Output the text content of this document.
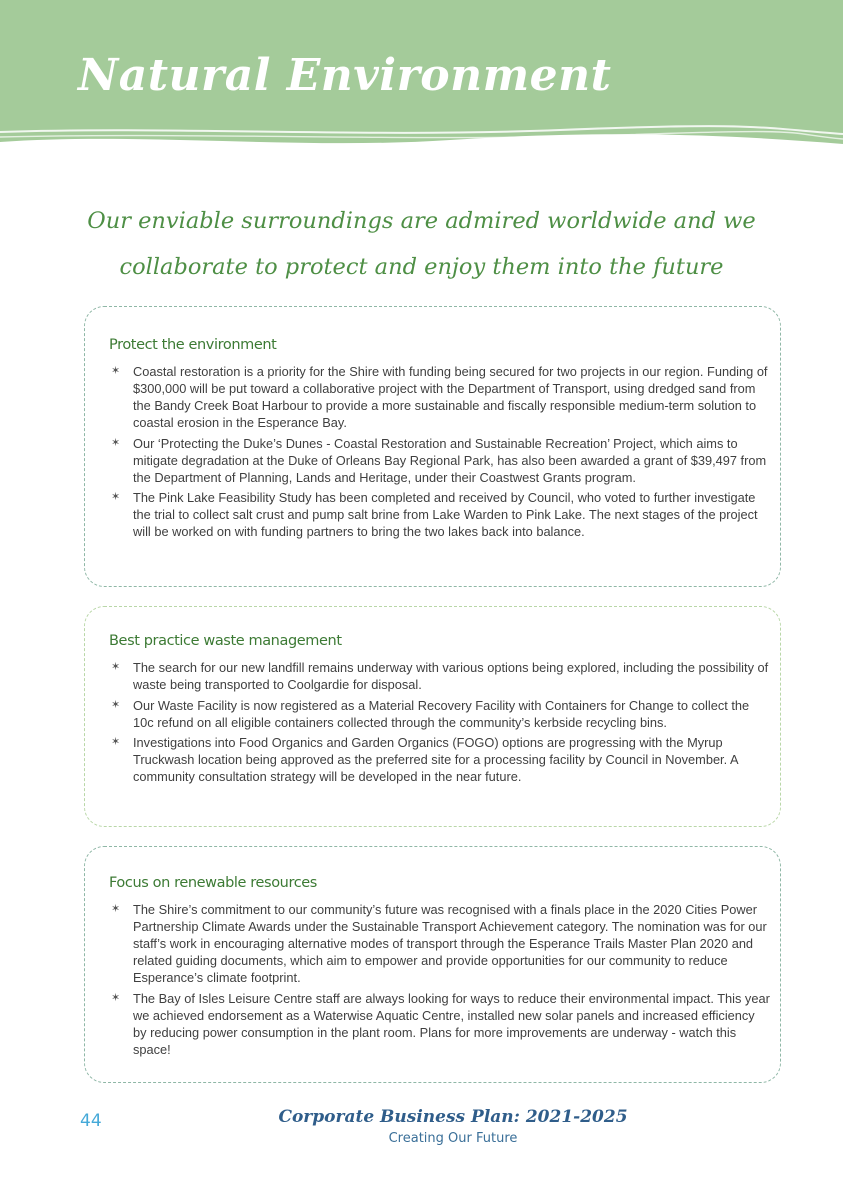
Natural Environment

Our enviable surroundings are admired worldwide and we
collaborate to protect and enjoy them into the future

Protect the environment
✶ Coastal restoration is a priority for the Shire with funding being secured for two projects in our region. Funding of $300,000 will be put toward a collaborative project with the Department of Transport, using dredged sand from the Bandy Creek Boat Harbour to provide a more sustainable and fiscally responsible medium-term solution to coastal erosion in the Esperance Bay.
✶ Our ‘Protecting the Duke’s Dunes - Coastal Restoration and Sustainable Recreation’ Project, which aims to mitigate degradation at the Duke of Orleans Bay Regional Park, has also been awarded a grant of $39,497 from the Department of Planning, Lands and Heritage, under their Coastwest Grants program.
✶ The Pink Lake Feasibility Study has been completed and received by Council, who voted to further investigate the trial to collect salt crust and pump salt brine from Lake Warden to Pink Lake. The next stages of the project will be worked on with funding partners to bring the two lakes back into balance.
Best practice waste management
✶ The search for our new landfill remains underway with various options being explored, including the possibility of waste being transported to Coolgardie for disposal.
✶ Our Waste Facility is now registered as a Material Recovery Facility with Containers for Change to collect the 10c refund on all eligible containers collected through the community’s kerbside recycling bins.
✶ Investigations into Food Organics and Garden Organics (FOGO) options are progressing with the Myrup Truckwash location being approved as the preferred site for a processing facility by Council in November. A community consultation strategy will be developed in the near future.
Focus on renewable resources
✶ The Shire’s commitment to our community’s future was recognised with a finals place in the 2020 Cities Power Partnership Climate Awards under the Sustainable Transport Achievement category. The nomination was for our staff’s work in encouraging alternative modes of transport through the Esperance Trails Master Plan 2020 and related guiding documents, which aim to empower and provide opportunities for our community to reduce Esperance’s climate footprint.
✶ The Bay of Isles Leisure Centre staff are always looking for ways to reduce their environmental impact. This year we achieved endorsement as a Waterwise Aquatic Centre, installed new solar panels and increased efficiency by reducing power consumption in the plant room. Plans for more improvements are underway - watch this space!
44	Corporate Business Plan: 2021-2025
Creating Our Future
